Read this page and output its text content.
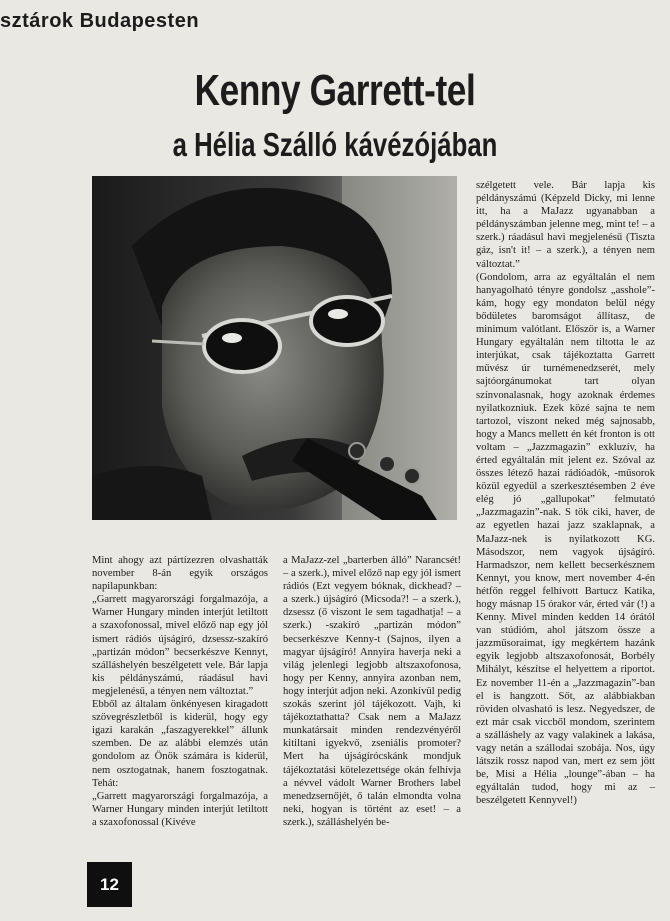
sztárok Budapesten
Kenny Garrett-tel
a Hélia Szálló kávézójában

Mint ahogy azt pártízezren olvashatták november 8-án egyik országos napilapunkban:
„Garrett magyarországi forgalmazója, a Warner Hungary minden interjút letiltott a szaxofonossal, mivel előző nap egy jól ismert rádiós újságíró, dzsessz-szakíró „partizán módon” becserkészve Kennyt, szálláshelyén beszélgetett vele. Bár lapja kis példányszámú, ráadásul havi megjelenésű, a tényen nem változtat.”
Ebből az általam önkényesen kiragadott szövegrészletből is kiderül, hogy egy igazi karakán „faszagyerekkel” állunk szemben. De az alábbi elemzés után gondolom az Önök számára is kiderül, nem osztogatnak, hanem fosztogatnak. Tehát:
„Garrett magyarországi forgalmazója, a Warner Hungary minden interjút letiltott a szaxofonossal (Kivéve

a MaJazz-zel „barterben álló” Narancsét! – a szerk.), mivel előző nap egy jól ismert rádiós (Ezt vegyem bóknak, dickhead? – a szerk.) újságíró (Micsoda?! – a szerk.), dzsessz (ő viszont le sem tagadhatja! – a szerk.) -szakíró „partizán módon” becserkészve Kenny-t (Sajnos, ilyen a magyar újságíró! Annyira haverja neki a világ jelenlegi legjobb altszaxofonosa, hogy per Kenny, annyira azonban nem, hogy interjút adjon neki. Azonkívül pedig szokás szerint jól tájékozott. Vajh, ki tájékoztathatta? Csak nem a MaJazz munkatársait minden rendezvényéről kitiltani igyekvő, zseniális promoter? Mert ha újságírócskánk mondjuk tájékoztatási kötelezettsége okán felhívja a névvel vádolt Warner Brothers label menedzsernőjét, ő talán elmondta volna neki, hogyan is történt az eset! – a szerk.), szálláshelyén be-

szélgetett vele. Bár lapja kis példányszámú (Képzeld Dicky, mi lenne itt, ha a MaJazz ugyanabban a példányszámban jelenne meg, mint te! – a szerk.) ráadásul havi megjelenésű (Tiszta gáz, isn't it! – a szerk.), a tényen nem változtat.”
(Gondolom, arra az egyáltalán el nem hanyagolható tényre gondolsz „asshole”-kám, hogy egy mondaton belül négy bődületes baromságot állítasz, de minimum valótlant. Először is, a Warner Hungary egyáltalán nem tiltotta le az interjúkat, csak tájékoztatta Garrett művész úr turnémenedzserét, mely sajtóorgánumokat tart olyan színvonalasnak, hogy azoknak érdemes nyilatkozniuk. Ezek közé sajna te nem tartozol, viszont neked még sajnosabb, hogy a Mancs mellett én két fronton is ott voltam – „Jazzmagazin” exkluzív, ha érted egyáltalán mit jelent ez. Szóval az összes létező hazai rádióadók, -műsorok közül egyedül a szerkesztésemben 2 éve elég jó „gallupokat” felmutató „Jazzmagazin”-nak. S tök ciki, haver, de az egyetlen hazai jazz szaklapnak, a MaJazz-nek is nyilatkozott KG. Másodszor, nem vagyok újságíró. Harmadszor, nem kellett becserkésznem Kennyt, you know, mert november 4-én hétfőn reggel felhívott Bartucz Katika, hogy másnap 15 órakor vár, érted vár (!) a Kenny. Mivel minden kedden 14 órától van stúdióm, ahol játszom össze a jazzműsoraimat, így megkértem hazánk egyik legjobb altszaxofonosát, Borbély Mihályt, készítse el helyettem a riportot. Ez november 11-én a „Jazzmagazin”-ban el is hangzott. Sőt, az alábbiakban röviden olvasható is lesz. Negyedszer, de ezt már csak viccből mondom, szerintem a szálláshely az vagy valakinek a lakása, vagy netán a szállodai szobája. Nos, úgy látszik rossz napod van, mert ez sem jött be, Misi a Hélia „lounge”-ában – ha egyáltalán tudod, hogy mi az – beszélgetett Kennyvel!)

12
